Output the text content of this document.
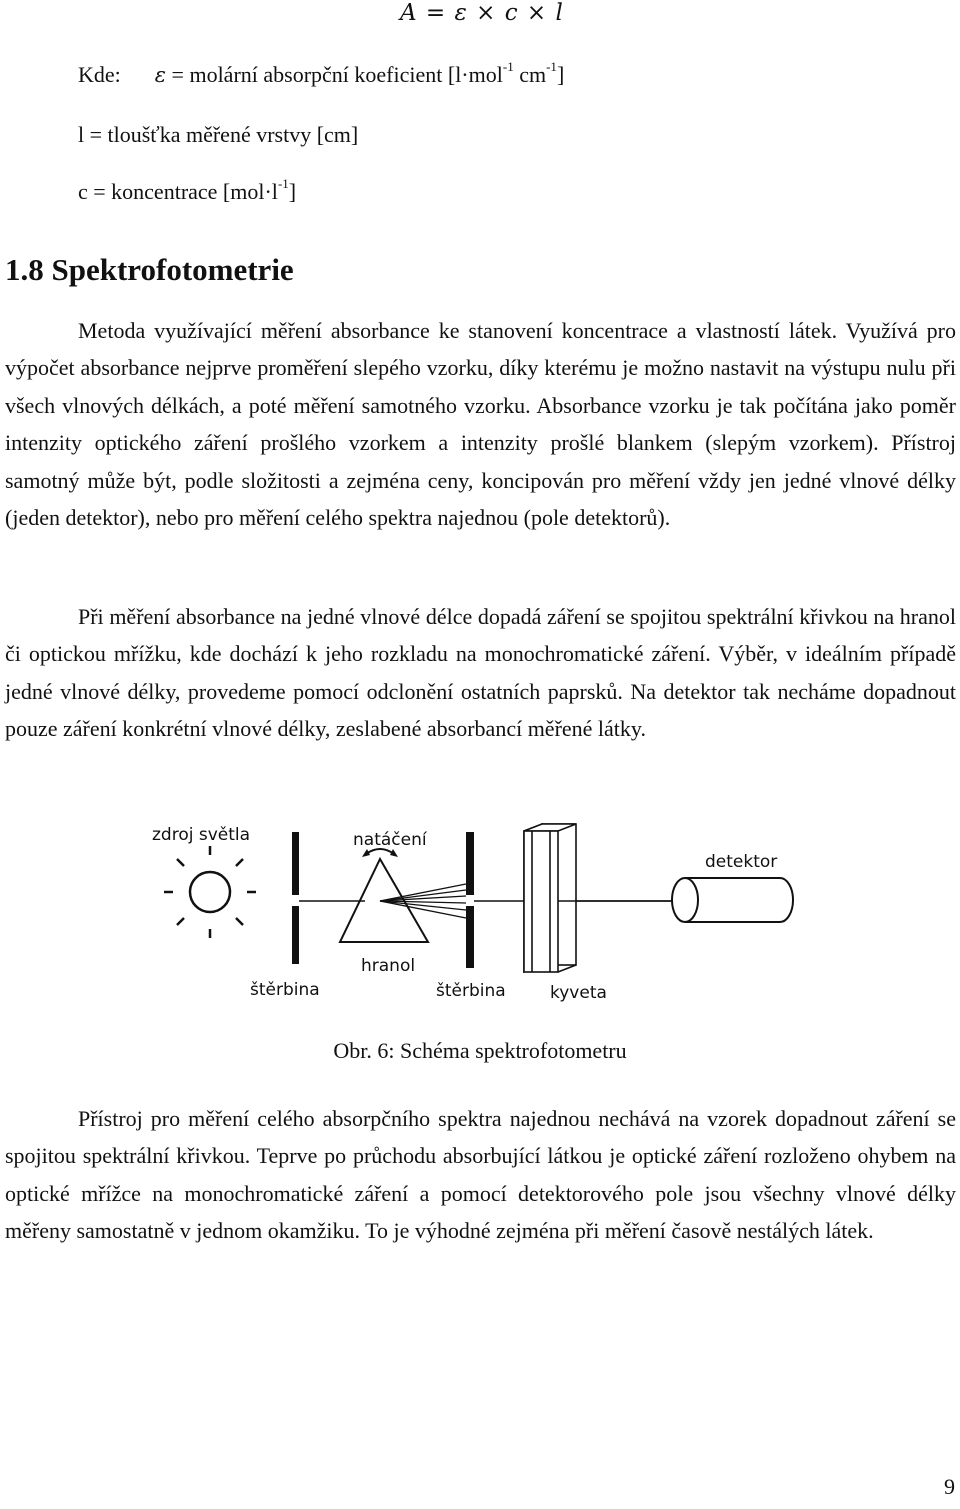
A = ε × c × l
Kde: ε = molární absorpční koeficient [l·mol$^{-1}$ $cm^{-1}$]
l = tloušťka měřené vrstvy [cm]
c = koncentrace $[mol\cdot l^{-1}]$
1.8 Spektrofotometrie

Metoda využívající měření absorbance ke stanovení koncentrace a vlastností látek. Využívá pro výpočet absorbance nejprve proměření slepého vzorku, díky kterému je možno nastavit na výstupu nulu při všech vlnových délkách, a poté měření samotného vzorku. Absorbance vzorku je tak počítána jako poměr intenzity optického záření prošlého vzorkem a intenzity prošlé blankem (slepým vzorkem). Přístroj samotný může být, podle složitosti a zejména ceny, koncipován pro měření vždy jen jedné vlnové délky (jeden detektor), nebo pro měření celého spektra najednou (pole detektorů).

Při měření absorbance na jedné vlnové délce dopadá záření se spojitou spektrální křivkou na hranol či optickou mřížku, kde dochází k jeho rozkladu na monochromatické záření. Výběr, v ideálním případě jedné vlnové délky, provedeme pomocí odclonění ostatních paprsků. Na detektor tak necháme dopadnout pouze záření konkrétní vlnové délky, zeslabené absorbancí měřené látky.

zdroj světla	natáčení
detektor
hranol
štěrbina	štěrbina	kyveta

Obr. 6: Schéma spektrofotometru

Přístroj pro měření celého absorpčního spektra najednou nechává na vzorek dopadnout záření se spojitou spektrální křivkou. Teprve po průchodu absorbující látkou je optické záření rozloženo ohybem na optické mřížce na monochromatické záření a pomocí detektorového pole jsou všechny vlnové délky měřeny samostatně v jednom okamžiku. To je výhodné zejména při měření časově nestálých látek.

9
